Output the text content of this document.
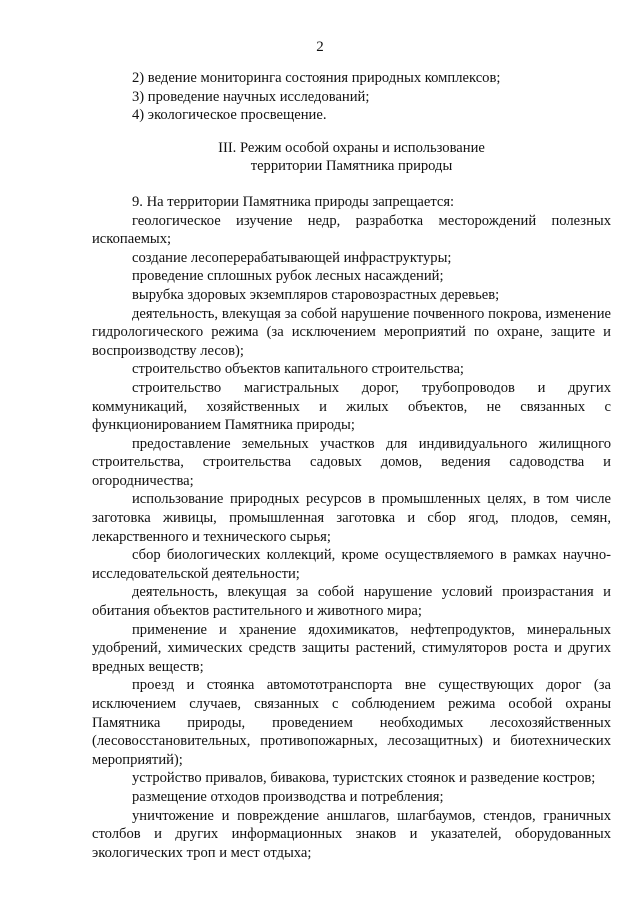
2

2) ведение мониторинга состояния природных комплексов;

3) проведение научных исследований;

4) экологическое просвещение.

III. Режим особой охраны и использование
территории Памятника природы

9. На территории Памятника природы запрещается:

геологическое изучение недр, разработка месторождений полезных ископаемых;

создание лесоперерабатывающей инфраструктуры;

проведение сплошных рубок лесных насаждений;

вырубка здоровых экземпляров старовозрастных деревьев;

деятельность, влекущая за собой нарушение почвенного покрова, изменение гидрологического режима (за исключением мероприятий по охране, защите и воспроизводству лесов);

строительство объектов капитального строительства;

строительство магистральных дорог, трубопроводов и других коммуникаций, хозяйственных и жилых объектов, не связанных с функционированием Памятника природы;

предоставление земельных участков для индивидуального жилищного строительства, строительства садовых домов, ведения садоводства и огородничества;

использование природных ресурсов в промышленных целях, в том числе заготовка живицы, промышленная заготовка и сбор ягод, плодов, семян, лекарственного и технического сырья;

сбор биологических коллекций, кроме осуществляемого в рамках научно-исследовательской деятельности;

деятельность, влекущая за собой нарушение условий произрастания и обитания объектов растительного и животного мира;

применение и хранение ядохимикатов, нефтепродуктов, минеральных удобрений, химических средств защиты растений, стимуляторов роста и других вредных веществ;

проезд и стоянка автомототранспорта вне существующих дорог (за исключением случаев, связанных с соблюдением режима особой охраны Памятника природы, проведением необходимых лесохозяйственных (лесовосстановительных, противопожарных, лесозащитных) и биотехнических мероприятий);

устройство привалов, бивакова, туристских стоянок и разведение костров;

размещение отходов производства и потребления;

уничтожение и повреждение аншлагов, шлагбаумов, стендов, граничных столбов и других информационных знаков и указателей, оборудованных экологических троп и мест отдыха;
